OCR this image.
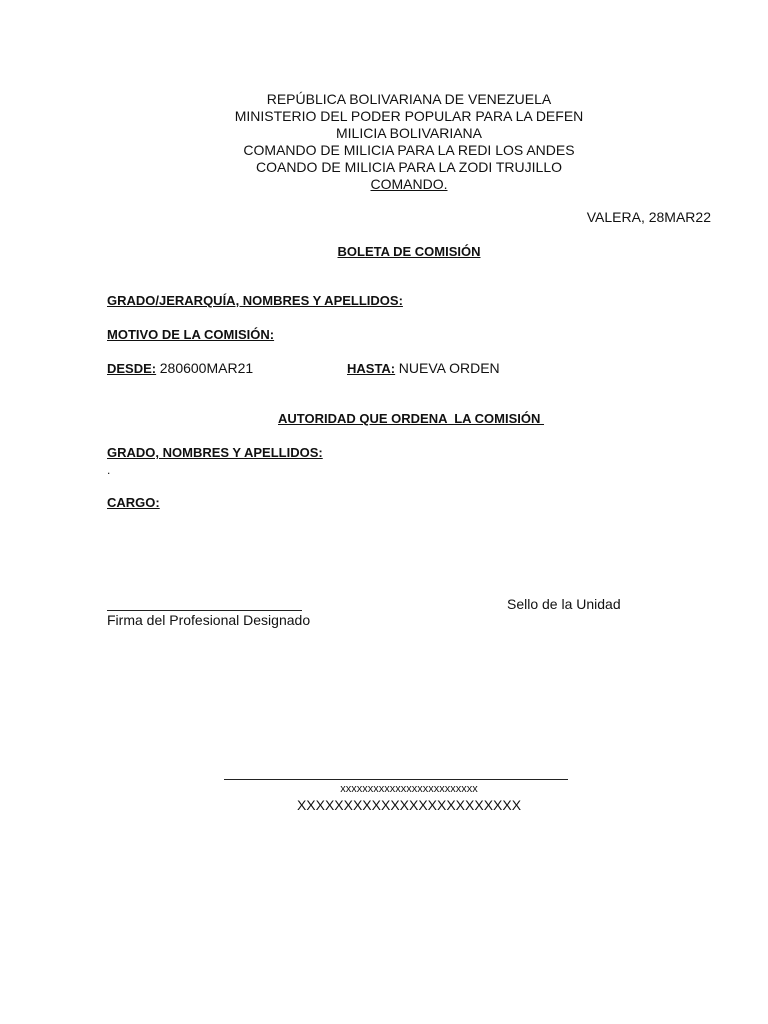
REPÚBLICA BOLIVARIANA DE VENEZUELA
MINISTERIO DEL PODER POPULAR PARA LA DEFEN
MILICIA BOLIVARIANA
COMANDO DE MILICIA PARA LA REDI LOS ANDES
COANDO DE MILICIA PARA LA ZODI TRUJILLO
COMANDO.
VALERA, 28MAR22
BOLETA DE COMISIÓN
GRADO/JERARQUÍA, NOMBRES Y APELLIDOS:
MOTIVO DE LA COMISIÓN:
DESDE: 280600MAR21	HASTA: NUEVA ORDEN
AUTORIDAD QUE ORDENA  LA COMISIÓN
GRADO, NOMBRES Y APELLIDOS:
.
CARGO:
Firma del Profesional Designado
Sello de la Unidad
xxxxxxxxxxxxxxxxxxxxxxxxx
XXXXXXXXXXXXXXXXXXXXXXXX
